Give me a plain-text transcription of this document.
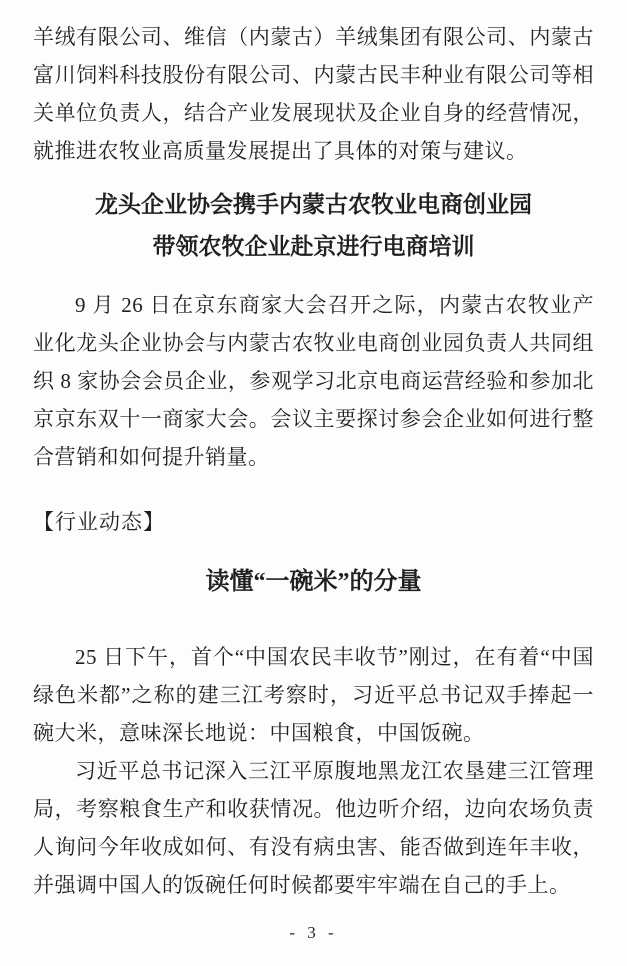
羊绒有限公司、维信（内蒙古）羊绒集团有限公司、内蒙古富川饲料科技股份有限公司、内蒙古民丰种业有限公司等相关单位负责人，结合产业发展现状及企业自身的经营情况，就推进农牧业高质量发展提出了具体的对策与建议。

龙头企业协会携手内蒙古农牧业电商创业园
带领农牧企业赴京进行电商培训

9 月 26 日在京东商家大会召开之际，内蒙古农牧业产业化龙头企业协会与内蒙古农牧业电商创业园负责人共同组织 8 家协会会员企业，参观学习北京电商运营经验和参加北京京东双十一商家大会。会议主要探讨参会企业如何进行整合营销和如何提升销量。

【行业动态】

读懂“一碗米”的分量

25 日下午，首个“中国农民丰收节”刚过，在有着“中国绿色米都”之称的建三江考察时，习近平总书记双手捧起一碗大米，意味深长地说：中国粮食，中国饭碗。

习近平总书记深入三江平原腹地黑龙江农垦建三江管理局，考察粮食生产和收获情况。他边听介绍，边向农场负责人询问今年收成如何、有没有病虫害、能否做到连年丰收，并强调中国人的饭碗任何时候都要牢牢端在自己的手上。

- 3 -
